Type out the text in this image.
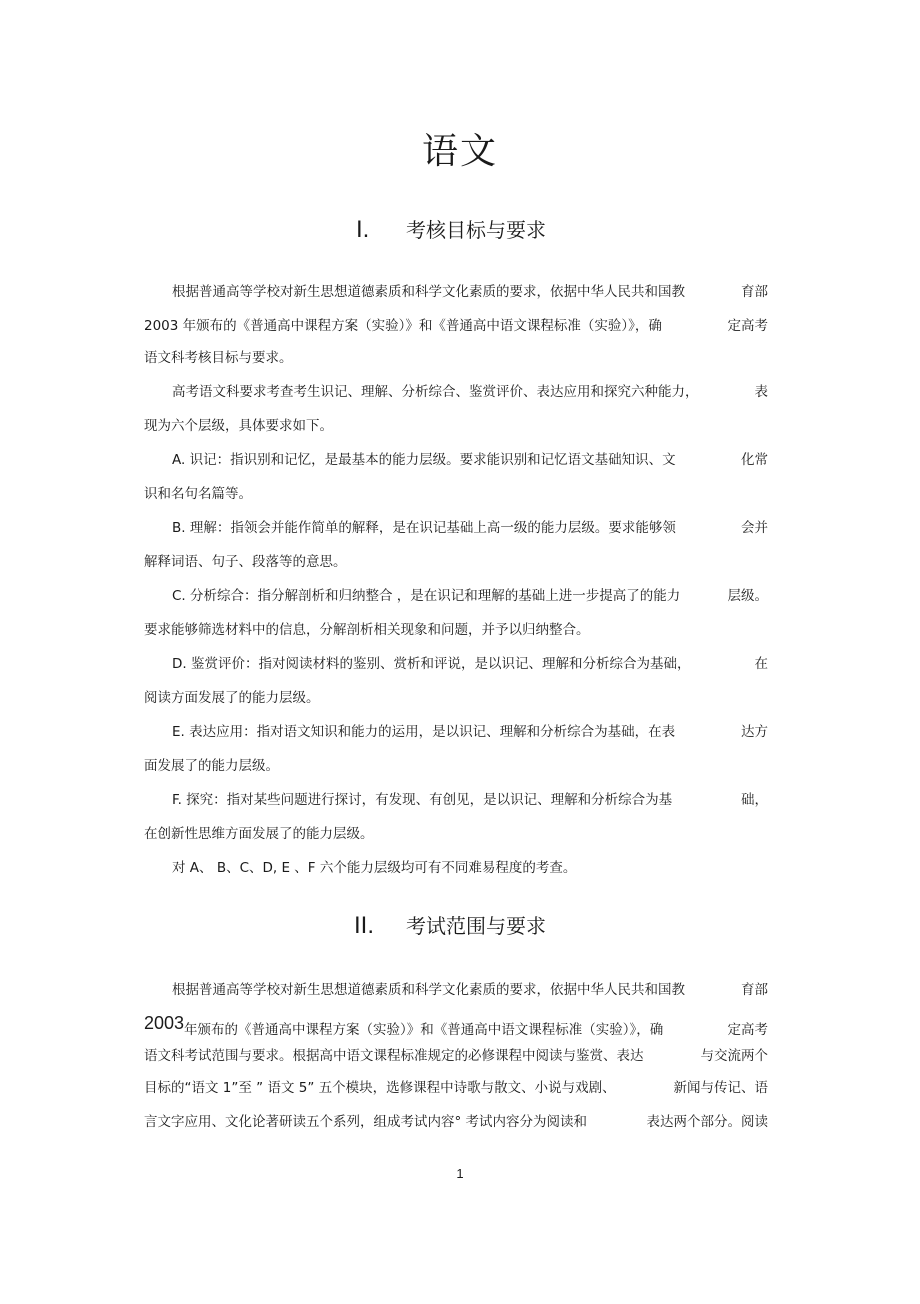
语文
I. 考核目标与要求
根据普通高等学校对新生思想道德素质和科学文化素质的要求，依据中华人民共和国教	育部
2003 年颁布的《普通高中课程方案（实验）》和《普通高中语文课程标准（实验）》，确	定高考
语文科考核目标与要求。
高考语文科要求考查考生识记、理解、分析综合、鉴赏评价、表达应用和探究六种能力，	表
现为六个层级，具体要求如下。
A. 识记：指识别和记忆，是最基本的能力层级。要求能识别和记忆语文基础知识、文	化常
识和名句名篇等。
B. 理解：指领会并能作简单的解释，是在识记基础上高一级的能力层级。要求能够领	会并
解释词语、句子、段落等的意思。
C. 分析综合：指分解剖析和归纳整合 ，是在识记和理解的基础上进一步提高了的能力	层级。
要求能够筛选材料中的信息，分解剖析相关现象和问题，并予以归纳整合。
D. 鉴赏评价：指对阅读材料的鉴别、赏析和评说，是以识记、理解和分析综合为基础，	在
阅读方面发展了的能力层级。
E. 表达应用：指对语文知识和能力的运用，是以识记、理解和分析综合为基础，在表	达方
面发展了的能力层级。
F. 探究：指对某些问题进行探讨，有发现、有创见，是以识记、理解和分析综合为基	础，
在创新性思维方面发展了的能力层级。
对 A、 B、C、D, E 、F 六个能力层级均可有不同难易程度的考查。
II. 考试范围与要求
根据普通高等学校对新生思想道德素质和科学文化素质的要求，依据中华人民共和国教	育部
2003 年颁布的《普通高中课程方案（实验）》和《普通高中语文课程标准（实验）》，确	定高考
语文科考试范围与要求。根据高中语文课程标准规定的必修课程中阅读与鉴赏、表达	与交流两个
目标的“语文 1”至 ” 语文 5” 五个模块，选修课程中诗歌与散文、小说与戏剧、	新闻与传记、语
言文字应用、文化论著研读五个系列，组成考试内容° 考试内容分为阅读和	表达两个部分。阅读
1
